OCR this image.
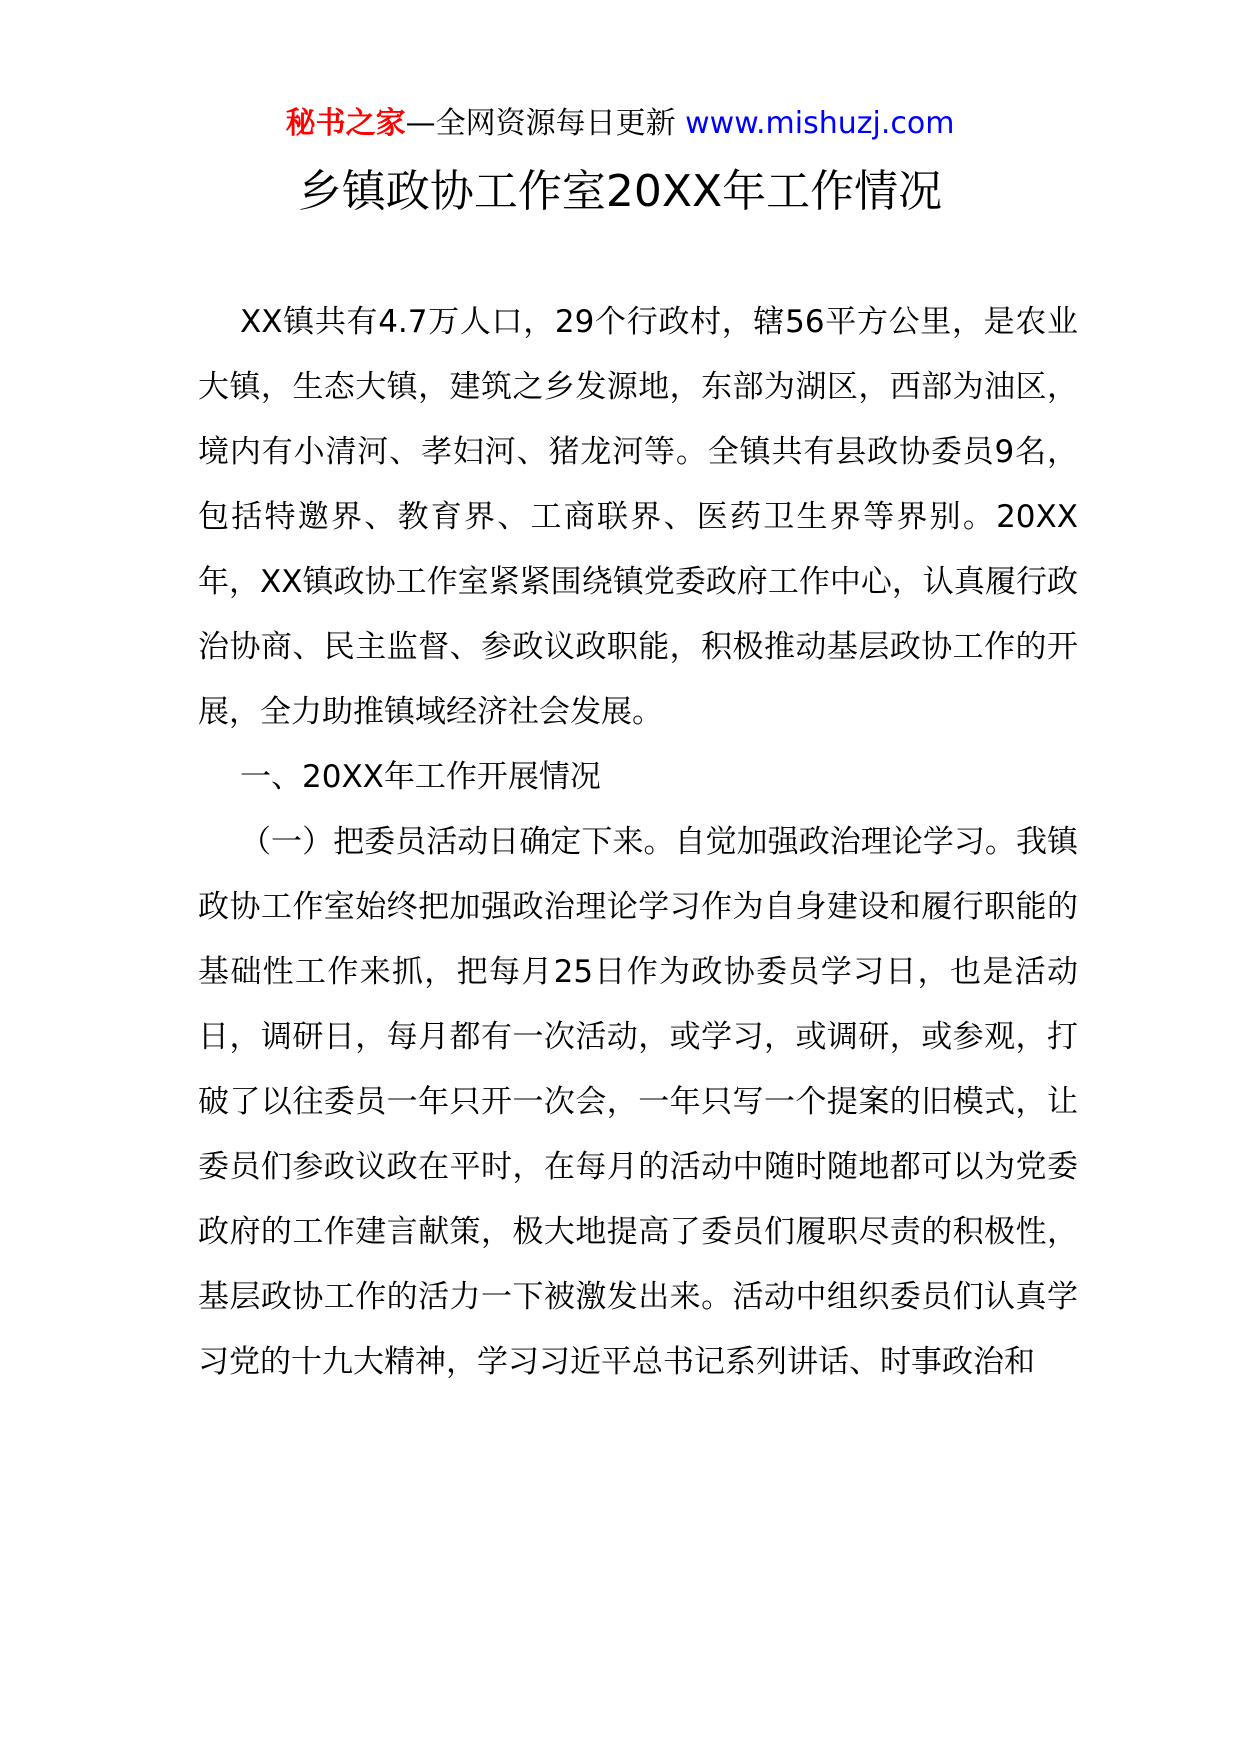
秘书之家—全网资源每日更新 www.mishuzj.com
乡镇政协工作室20XX年工作情况

XX镇共有4.7万人口，29个行政村，辖56平方公里，是农业大镇，生态大镇，建筑之乡发源地，东部为湖区，西部为油区，境内有小清河、孝妇河、猪龙河等。全镇共有县政协委员9名，包括特邀界、教育界、工商联界、医药卫生界等界别。20XX年，XX镇政协工作室紧紧围绕镇党委政府工作中心，认真履行政治协商、民主监督、参政议政职能，积极推动基层政协工作的开展，全力助推镇域经济社会发展。

一、20XX年工作开展情况

（一）把委员活动日确定下来。自觉加强政治理论学习。我镇政协工作室始终把加强政治理论学习作为自身建设和履行职能的基础性工作来抓，把每月25日作为政协委员学习日，也是活动日，调研日，每月都有一次活动，或学习，或调研，或参观，打破了以往委员一年只开一次会，一年只写一个提案的旧模式，让委员们参政议政在平时，在每月的活动中随时随地都可以为党委政府的工作建言献策，极大地提高了委员们履职尽责的积极性，基层政协工作的活力一下被激发出来。活动中组织委员们认真学习党的十九大精神，学习习近平总书记系列讲话、时事政治和
